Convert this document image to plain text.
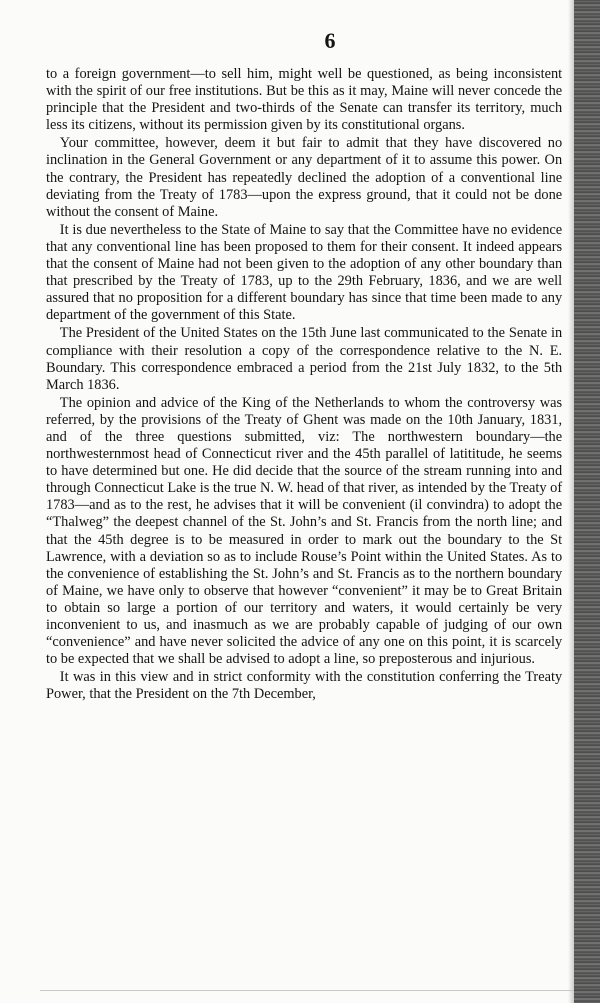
6

to a foreign government—to sell him, might well be questioned, as being inconsistent with the spirit of our free institutions. But be this as it may, Maine will never concede the principle that the President and two-thirds of the Senate can transfer its territory, much less its citizens, without its permission given by its constitutional organs.

Your committee, however, deem it but fair to admit that they have discovered no inclination in the General Government or any department of it to assume this power. On the contrary, the President has repeatedly declined the adoption of a conventional line deviating from the Treaty of 1783—upon the express ground, that it could not be done without the consent of Maine.

It is due nevertheless to the State of Maine to say that the Committee have no evidence that any conventional line has been proposed to them for their consent. It indeed appears that the consent of Maine had not been given to the adoption of any other boundary than that prescribed by the Treaty of 1783, up to the 29th February, 1836, and we are well assured that no proposition for a different boundary has since that time been made to any department of the government of this State.

The President of the United States on the 15th June last communicated to the Senate in compliance with their resolution a copy of the correspondence relative to the N. E. Boundary. This correspondence embraced a period from the 21st July 1832, to the 5th March 1836.

The opinion and advice of the King of the Netherlands to whom the controversy was referred, by the provisions of the Treaty of Ghent was made on the 10th January, 1831, and of the three questions submitted, viz: The northwestern boundary—the northwesternmost head of Connecticut river and the 45th parallel of latititude, he seems to have determined but one. He did decide that the source of the stream running into and through Connecticut Lake is the true N. W. head of that river, as intended by the Treaty of 1783—and as to the rest, he advises that it will be convenient (il convindra) to adopt the “Thalweg” the deepest channel of the St. John’s and St. Francis from the north line; and that the 45th degree is to be measured in order to mark out the boundary to the St Lawrence, with a deviation so as to include Rouse’s Point within the United States. As to the convenience of establishing the St. John’s and St. Francis as to the northern boundary of Maine, we have only to observe that however “convenient” it may be to Great Britain to obtain so large a portion of our territory and waters, it would certainly be very inconvenient to us, and inasmuch as we are probably capable of judging of our own “convenience” and have never solicited the advice of any one on this point, it is scarcely to be expected that we shall be advised to adopt a line, so preposterous and injurious.

It was in this view and in strict conformity with the constitution conferring the Treaty Power, that the President on the 7th December,
